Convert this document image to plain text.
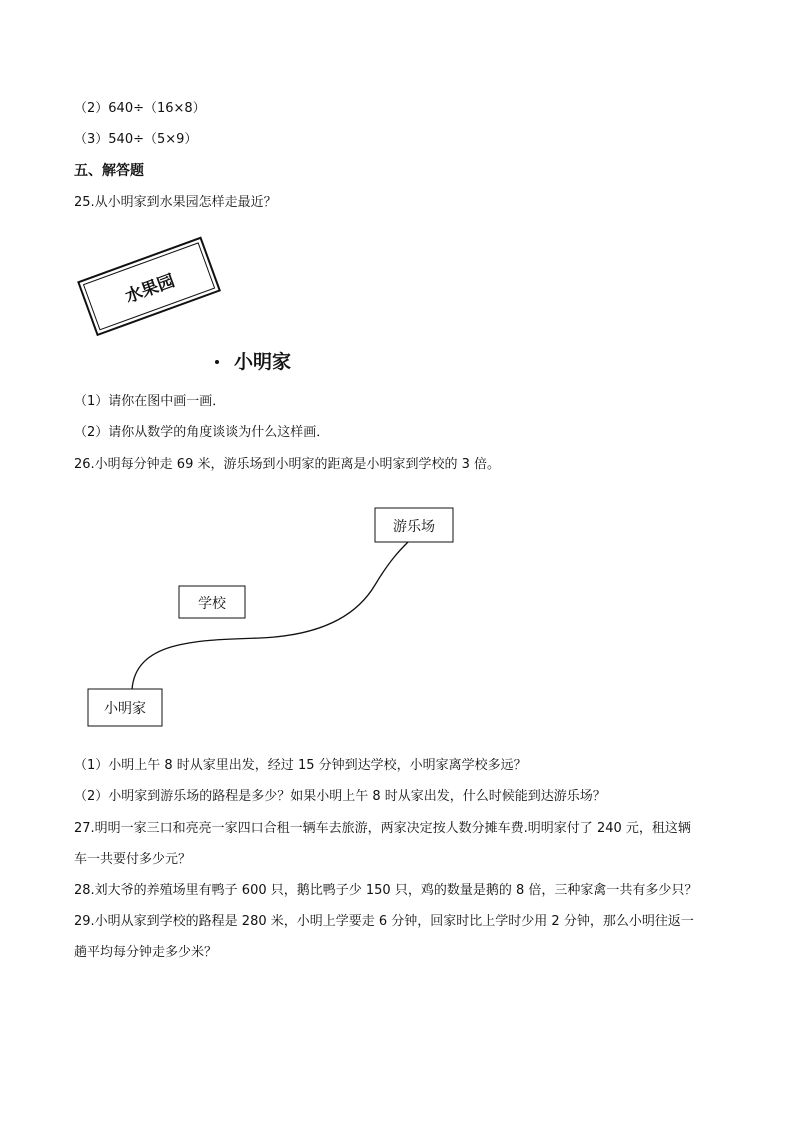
（2）640÷（16×8）
（3）540÷（5×9）
五、解答题
25.从小明家到水果园怎样走最近？
水果园
小明家
（1）请你在图中画一画．
（2）请你从数学的角度谈谈为什么这样画．
26.小明每分钟走 69 米，游乐场到小明家的距离是小明家到学校的 3 倍。
游乐场
学校
小明家
（1）小明上午 8 时从家里出发，经过 15 分钟到达学校，小明家离学校多远？
（2）小明家到游乐场的路程是多少？如果小明上午 8 时从家出发，什么时候能到达游乐场？
27.明明一家三口和亮亮一家四口合租一辆车去旅游，两家决定按人数分摊车费.明明家付了 240 元，租这辆
车一共要付多少元？
28.刘大爷的养殖场里有鸭子 600 只，鹅比鸭子少 150 只，鸡的数量是鹅的 8 倍，三种家禽一共有多少只？
29.小明从家到学校的路程是 280 米，小明上学要走 6 分钟，回家时比上学时少用 2 分钟，那么小明往返一
趟平均每分钟走多少米？
